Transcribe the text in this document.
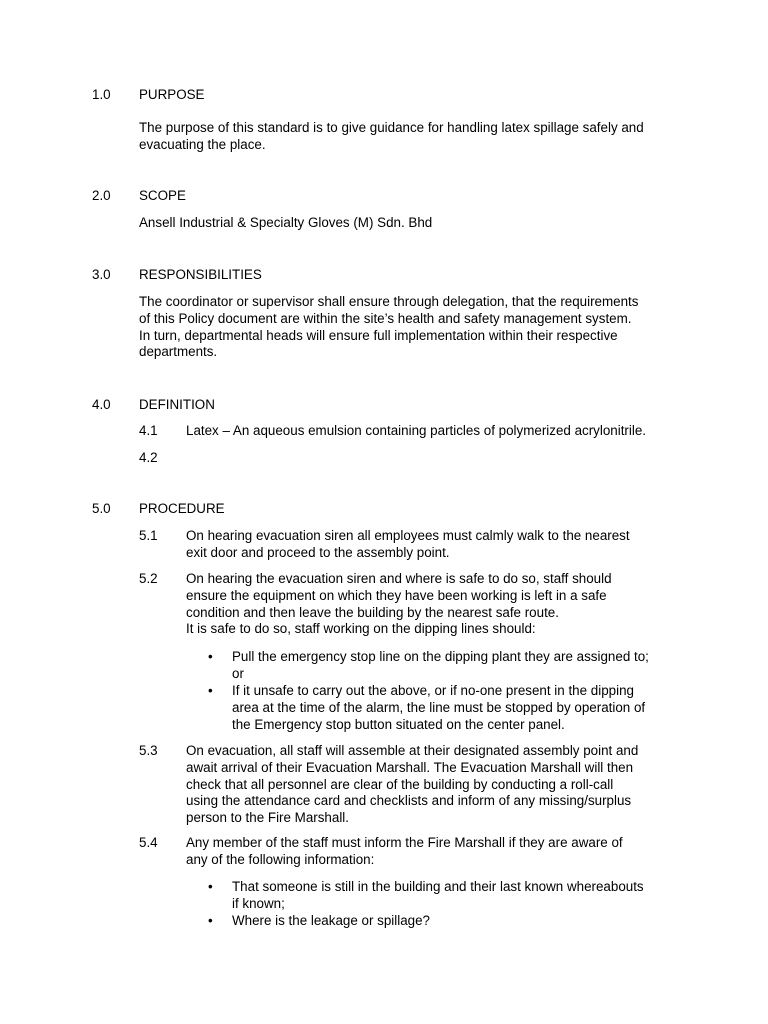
1.0 PURPOSE
The purpose of this standard is to give guidance for handling latex spillage safely and
evacuating the place.
2.0 SCOPE
Ansell Industrial & Specialty Gloves (M) Sdn. Bhd
3.0 RESPONSIBILITIES
The coordinator or supervisor shall ensure through delegation, that the requirements
of this Policy document are within the site’s health and safety management system.
In turn, departmental heads will ensure full implementation within their respective
departments.
4.0 DEFINITION
4.1 Latex – An aqueous emulsion containing particles of polymerized acrylonitrile.
4.2
5.0 PROCEDURE
5.1 On hearing evacuation siren all employees must calmly walk to the nearest
exit door and proceed to the assembly point.
5.2 On hearing the evacuation siren and where is safe to do so, staff should
ensure the equipment on which they have been working is left in a safe
condition and then leave the building by the nearest safe route.
It is safe to do so, staff working on the dipping lines should:
• Pull the emergency stop line on the dipping plant they are assigned to;
or
• If it unsafe to carry out the above, or if no-one present in the dipping
area at the time of the alarm, the line must be stopped by operation of
the Emergency stop button situated on the center panel.
5.3 On evacuation, all staff will assemble at their designated assembly point and
await arrival of their Evacuation Marshall. The Evacuation Marshall will then
check that all personnel are clear of the building by conducting a roll-call
using the attendance card and checklists and inform of any missing/surplus
person to the Fire Marshall.
5.4 Any member of the staff must inform the Fire Marshall if they are aware of
any of the following information:
• That someone is still in the building and their last known whereabouts
if known;
• Where is the leakage or spillage?
